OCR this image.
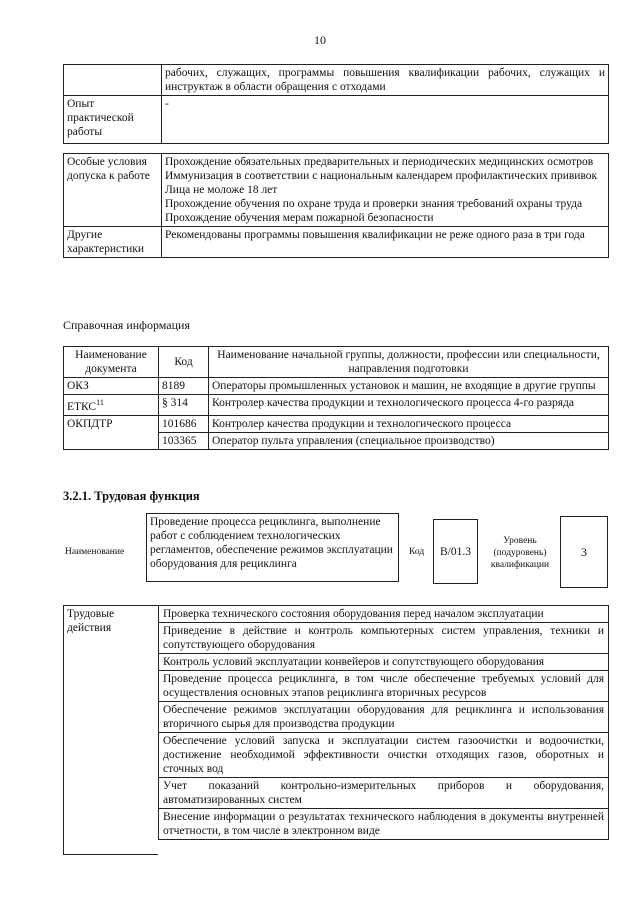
10
	рабочих, служащих, программы повышения квалификации рабочих, служащих и инструктаж в области обращения с отходами
Опыт практической работы	-
Особые условия допуска к работе	Прохождение обязательных предварительных и периодических медицинских осмотров
Иммунизация в соответствии с национальным календарем профилактических прививок
Лица не моложе 18 лет
Прохождение обучения по охране труда и проверки знания требований охраны труда
Прохождение обучения мерам пожарной безопасности

Другие характеристики	Рекомендованы программы повышения квалификации не реже одного раза в три года
Справочная информация
Наименование документа	Код	Наименование начальной группы, должности, профессии или специальности, направления подготовки
ОКЗ	8189	Операторы промышленных установок и машин, не входящие в другие группы
ЕТКС$^{11}$	§ 314	Контролер качества продукции и технологического процесса 4-го разряда
ОКПДТР	101686	Контролер качества продукции и технологического процесса
	103365	Оператор пульта управления (специальное производство)
3.2.1. Трудовая функция
Наименование
Проведение процесса рециклинга, выполнение работ с соблюдением технологических регламентов, обеспечение режимов эксплуатации оборудования для рециклинга
Код	B/01.3
Уровень (подуровень) квалификации
3
Трудовые действия
Проверка технического состояния оборудования перед началом эксплуатации
Приведение в действие и контроль компьютерных систем управления, техники и сопутствующего оборудования
Контроль условий эксплуатации конвейеров и сопутствующего оборудования
Проведение процесса рециклинга, в том числе обеспечение требуемых условий для осуществления основных этапов рециклинга вторичных ресурсов
Обеспечение режимов эксплуатации оборудования для рециклинга и использования вторичного сырья для производства продукции
Обеспечение условий запуска и эксплуатации систем газоочистки и водоочистки, достижение необходимой эффективности очистки отходящих газов, оборотных и сточных вод
Учет показаний контрольно-измерительных приборов и оборудования, автоматизированных систем
Внесение информации о результатах технического наблюдения в документы внутренней отчетности, в том числе в электронном виде
